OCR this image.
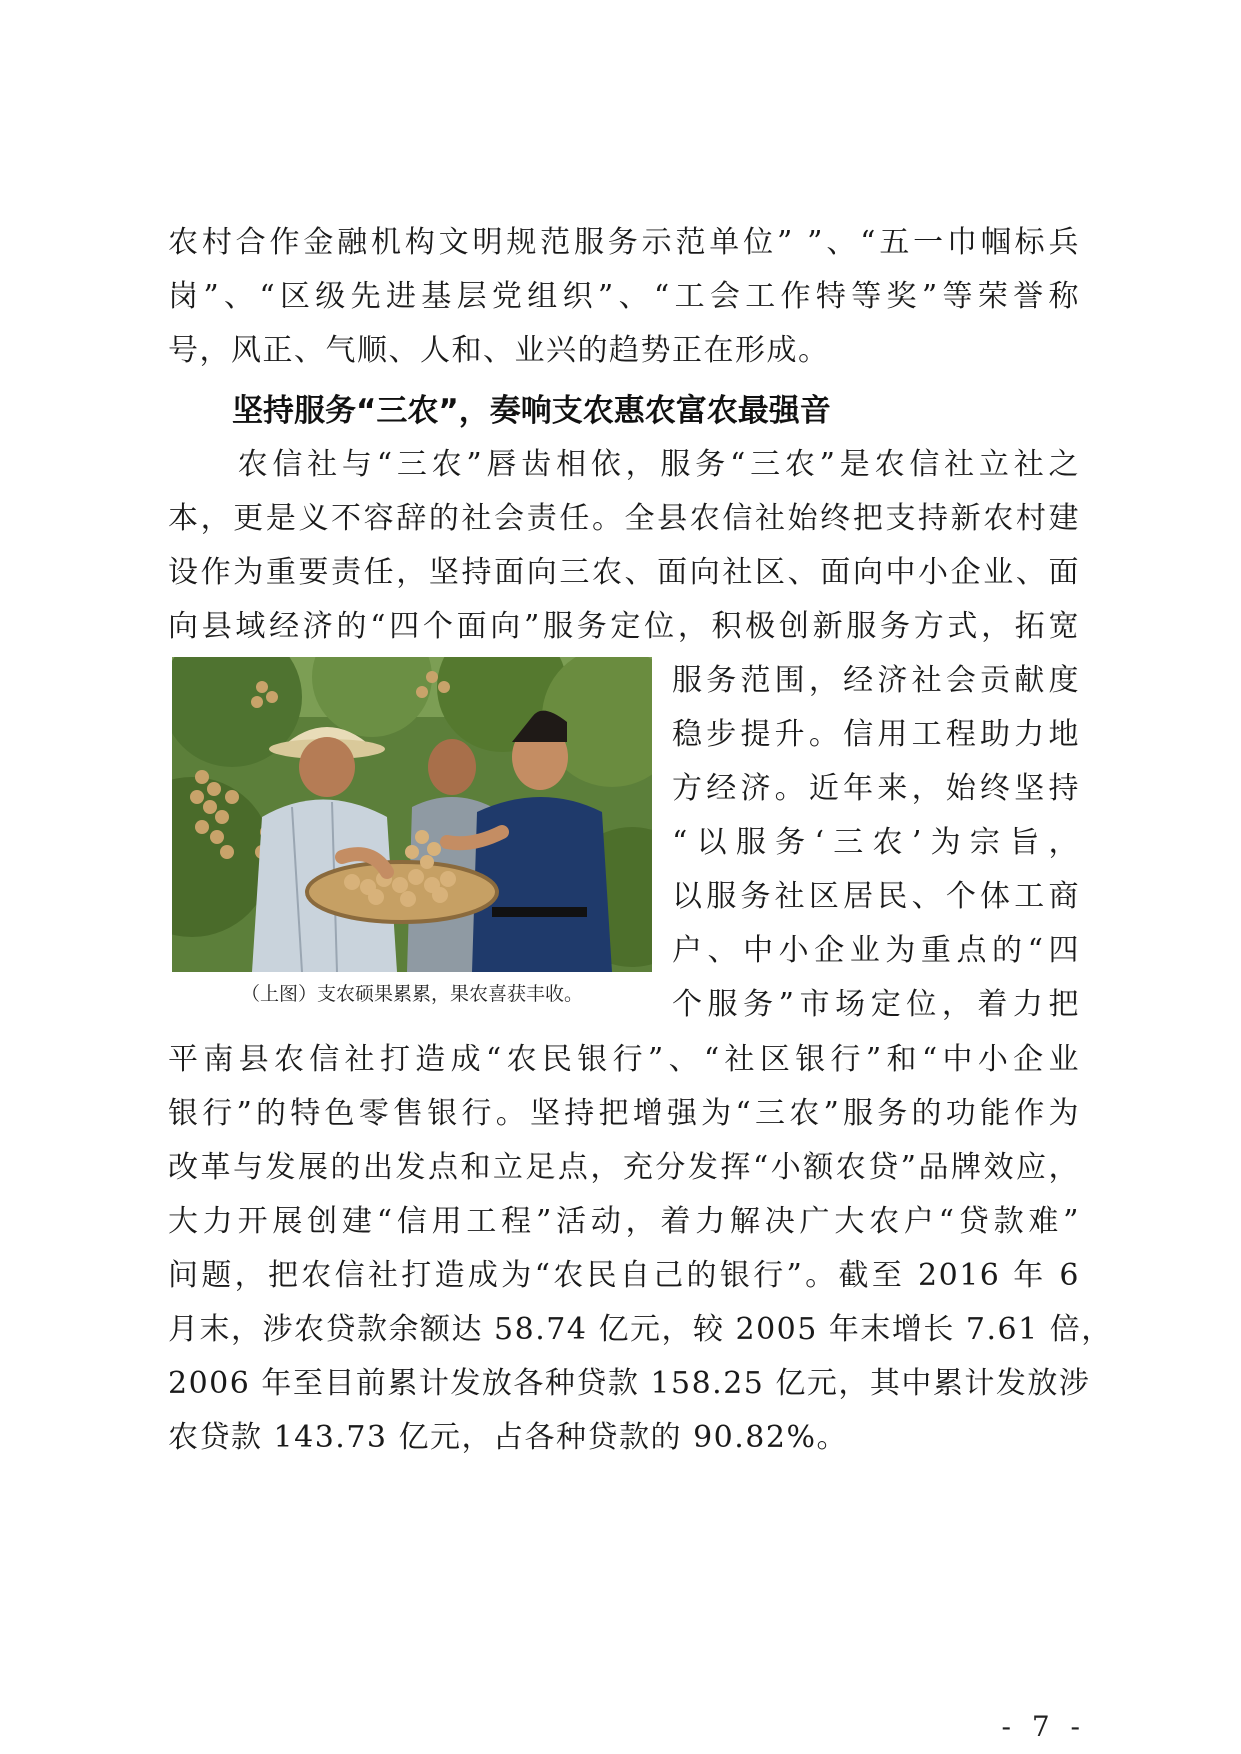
农村合作金融机构文明规范服务示范单位” ”、“五一巾帼标兵
岗”、“区级先进基层党组织”、“工会工作特等奖”等荣誉称
号，风正、气顺、人和、业兴的趋势正在形成。
坚持服务“三农”，奏响支农惠农富农最强音
　　农信社与“三农”唇齿相依，服务“三农”是农信社立社之
本，更是义不容辞的社会责任。全县农信社始终把支持新农村建
设作为重要责任，坚持面向三农、面向社区、面向中小企业、面
向县域经济的“四个面向”服务定位，积极创新服务方式，拓宽
（上图）支农硕果累累，果农喜获丰收。
服务范围，经济社会贡献度
稳步提升。信用工程助力地
方经济。近年来，始终坚持
“以服务‘三农’为宗旨，
以服务社区居民、个体工商
户、中小企业为重点的“四
个服务”市场定位，着力把
平南县农信社打造成“农民银行”、“社区银行”和“中小企业
银行”的特色零售银行。坚持把增强为“三农”服务的功能作为
改革与发展的出发点和立足点，充分发挥“小额农贷”品牌效应，
大力开展创建“信用工程”活动，着力解决广大农户“贷款难”
问题，把农信社打造成为“农民自己的银行”。截至 2016 年 6
月末，涉农贷款余额达 58.74 亿元，较 2005 年末增长 7.61 倍，
2006 年至目前累计发放各种贷款 158.25 亿元，其中累计发放涉
农贷款 143.73 亿元，占各种贷款的 90.82%。
- 7 -
